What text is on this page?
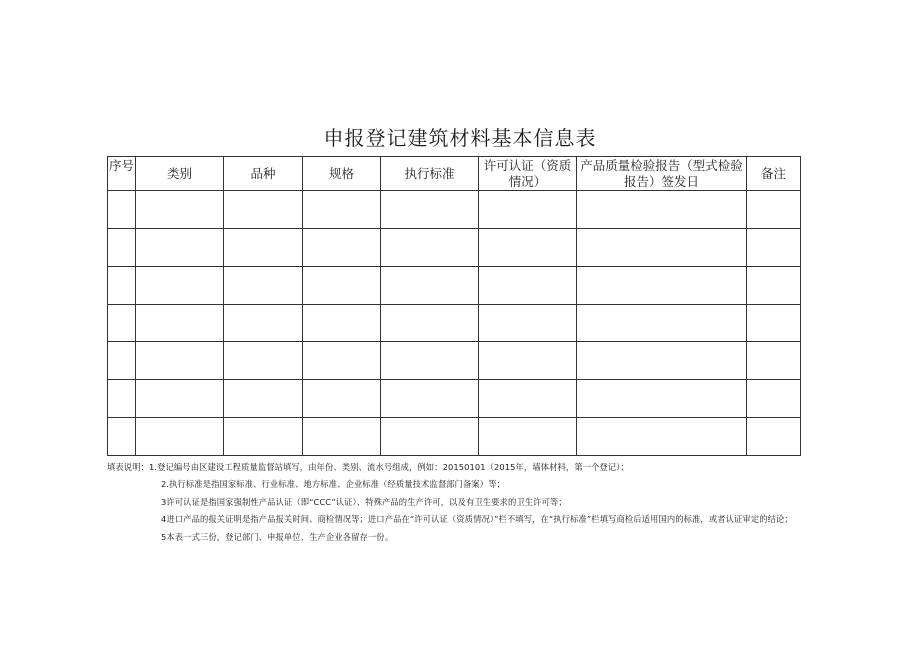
申报登记建筑材料基本信息表
序号	类别	品种	规格	执行标准	许可认证（资质情况）	产品质量检验报告（型式检验报告）签发日	备注

填表说明：1.登记编号由区建设工程质量监督站填写，由年份、类别、流水号组成，例如：20150101（2015年，墙体材料，第一个登记）；
2.执行标准是指国家标准、行业标准、地方标准、企业标准（经质量技术监督部门备案）等；
3许可认证是指国家强制性产品认证（即“CCC”认证）、特殊产品的生产许可，以及有卫生要求的卫生许可等；
4进口产品的报关证明是指产品报关时间、商检情况等；进口产品在“许可认证（资质情况）”栏不填写，在“执行标准”栏填写商检后适用国内的标准，或者认证审定的结论；
5本表一式三份，登记部门、申报单位、生产企业各留存一份。
